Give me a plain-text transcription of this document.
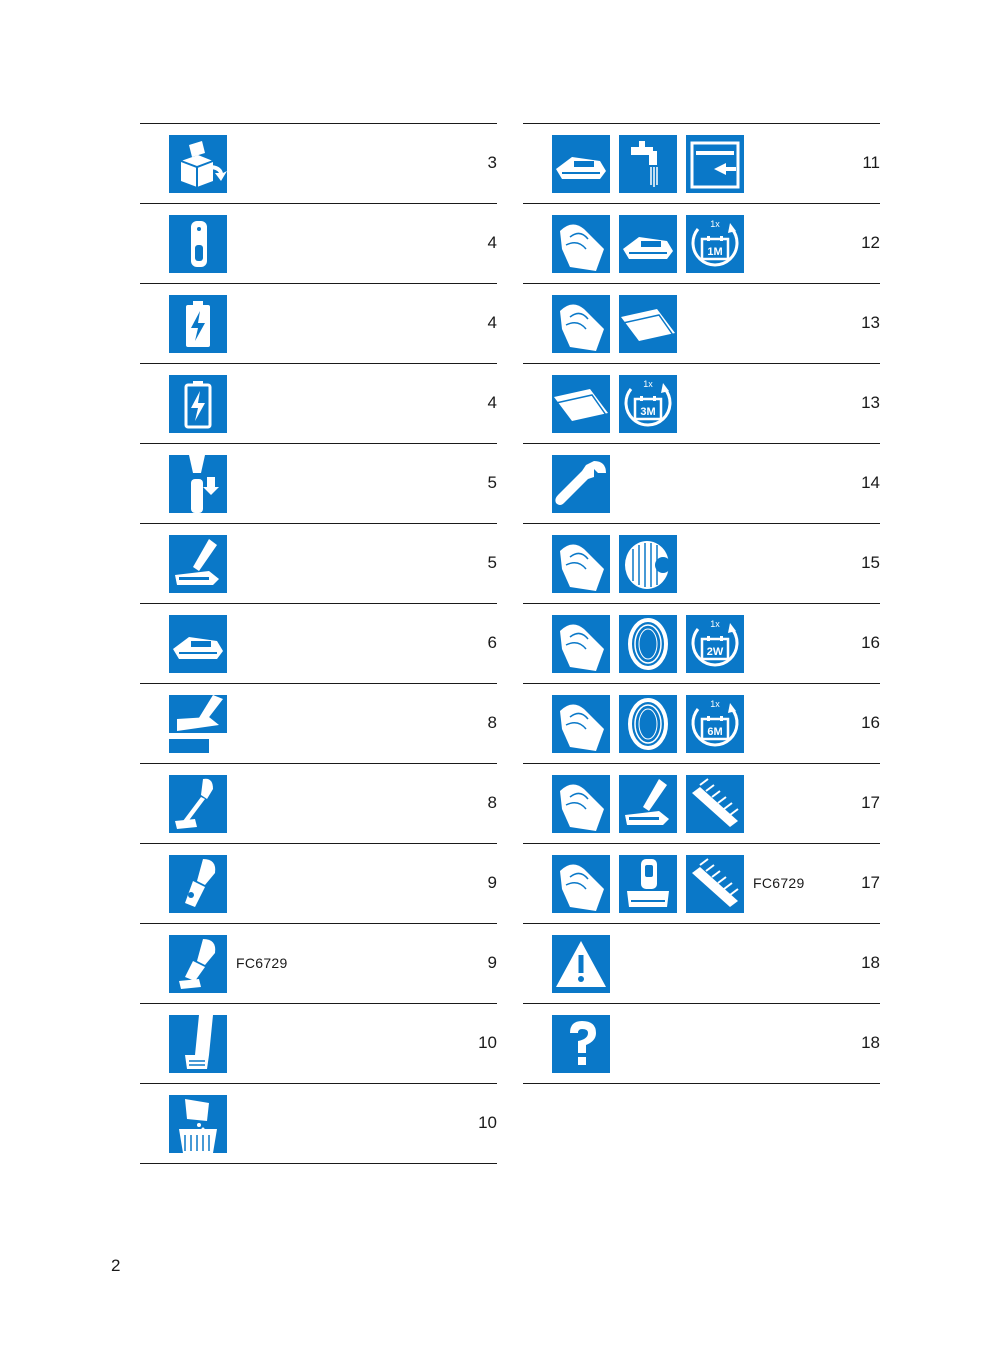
3
4
4
4
5
5
6
8
8
9
FC6729	9
10
10
11
1x
1M	12
13
1x
3M	13
14
15
1x
2W	16
1x
6M	16
17
FC6729	17
18
18
2
